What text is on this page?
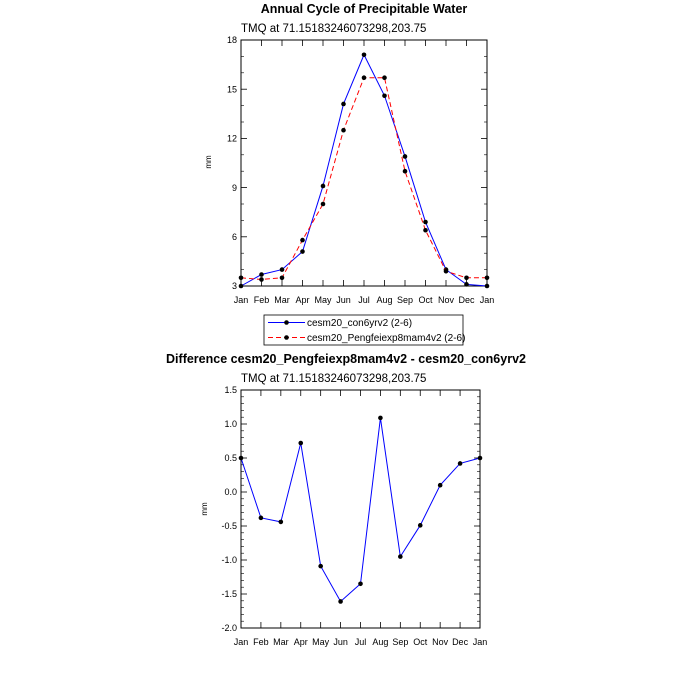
Annual Cycle of Precipitable Water
TMQ at 71.15183246073298,203.75
mm
3
6
9
12
15
18
Jan Feb Mar Apr May Jun Jul Aug Sep Oct Nov Dec Jan
cesm20_con6yrv2 (2-6)
cesm20_Pengfeiexp8mam4v2 (2-6)
Difference cesm20_Pengfeiexp8mam4v2 - cesm20_con6yrv2
TMQ at 71.15183246073298,203.75
mm
-2.0
-1.5
-1.0
-0.5
0.0
0.5
1.0
1.5
Jan Feb Mar Apr May Jun Jul Aug Sep Oct Nov Dec Jan
